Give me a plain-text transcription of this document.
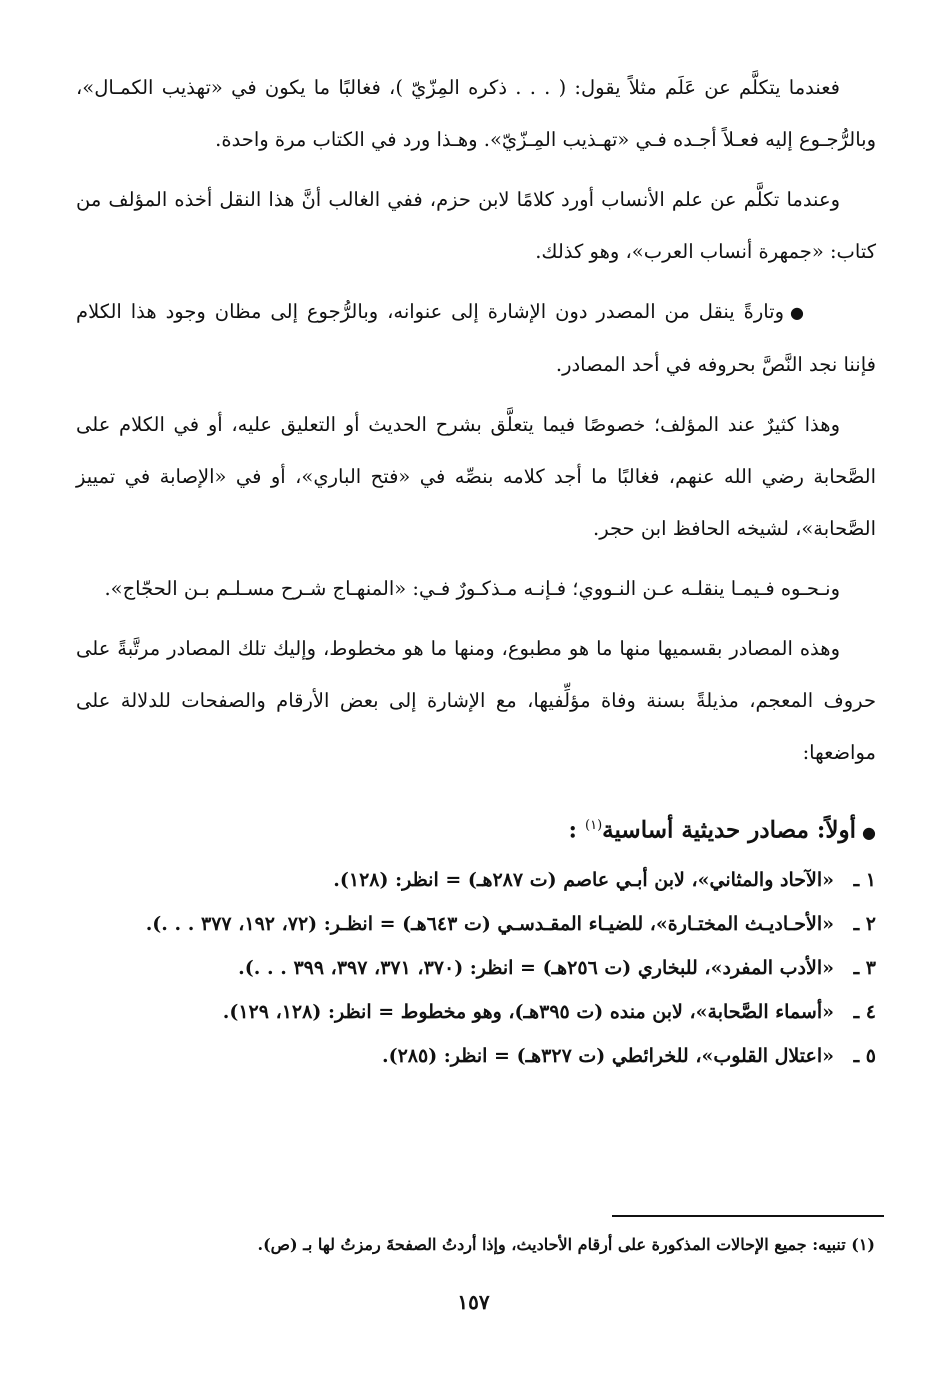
فعندما يتكلَّم عن عَلَم مثلاً يقول: ( . . . ذكره المِزّيّ )، فغالبًا ما يكون في «تهذيب الكمـال»، وبالرُّجـوع إليه فعـلاً أجـده فـي «تهـذيب المِـزّيّ». وهـذا ورد في الكتاب مرة واحدة.

وعندما تكلَّم عن علم الأنساب أورد كلامًا لابن حزم، ففي الغالب أنَّ هذا النقل أخذه المؤلف من كتاب: «جمهرة أنساب العرب»، وهو كذلك.

●وتارةً ينقل من المصدر دون الإشارة إلى عنوانه، وبالرُّجوع إلى مظان وجود هذا الكلام فإننا نجد النَّصَّ بحروفه في أحد المصادر.

وهذا كثيرٌ عند المؤلف؛ خصوصًا فيما يتعلَّق بشرح الحديث أو التعليق عليه، أو في الكلام على الصَّحابة رضي الله عنهم، فغالبًا ما أجد كلامه بنصِّه في «فتح الباري»، أو في «الإصابة في تمييز الصَّحابة»، لشيخه الحافظ ابن حجر.

ونـحـوه فـيمـا ينقلـه عـن النـووي؛ فـإنـه مـذكـورٌ فـي: «المنهـاج شـرح مسـلـم بـن الحجّاج».

وهذه المصادر بقسميها منها ما هو مطبوع، ومنها ما هو مخطوط، وإليك تلك المصادر مرتَّبةً على حروف المعجم، مذيلةً بسنة وفاة مؤلِّفيها، مع الإشارة إلى بعض الأرقام والصفحات للدلالة على مواضعها:

●أولاً: مصادر حديثية أساسية$^{(١)}$ :
١ ـ
«الآحاد والمثاني»، لابن أبـي عاصم (ت ٢٨٧هـ) = انظر: (١٢٨).
٢ ـ
«الأحـاديـث المختـارة»، للضيـاء المقـدسـي (ت ٦٤٣هـ) = انظـر: (٧٢، ١٩٢، ٣٧٧ . . .).
٣ ـ
«الأدب المفرد»، للبخاري (ت ٢٥٦هـ) = انظر: (٣٧٠، ٣٧١، ٣٩٧، ٣٩٩ . . .).
٤ ـ
«أسماء الصَّحابة»، لابن منده (ت ٣٩٥هـ)، وهو مخطوط = انظر: (١٢٨، ١٢٩).
٥ ـ
«اعتلال القلوب»، للخرائطي (ت ٣٢٧هـ) = انظر: (٢٨٥).
(١) تنبيه: جميع الإحالات المذكورة على أرقام الأحاديث، وإذا أردتُ الصفحةَ رمزتُ لها بـ (ص).
١٥٧
